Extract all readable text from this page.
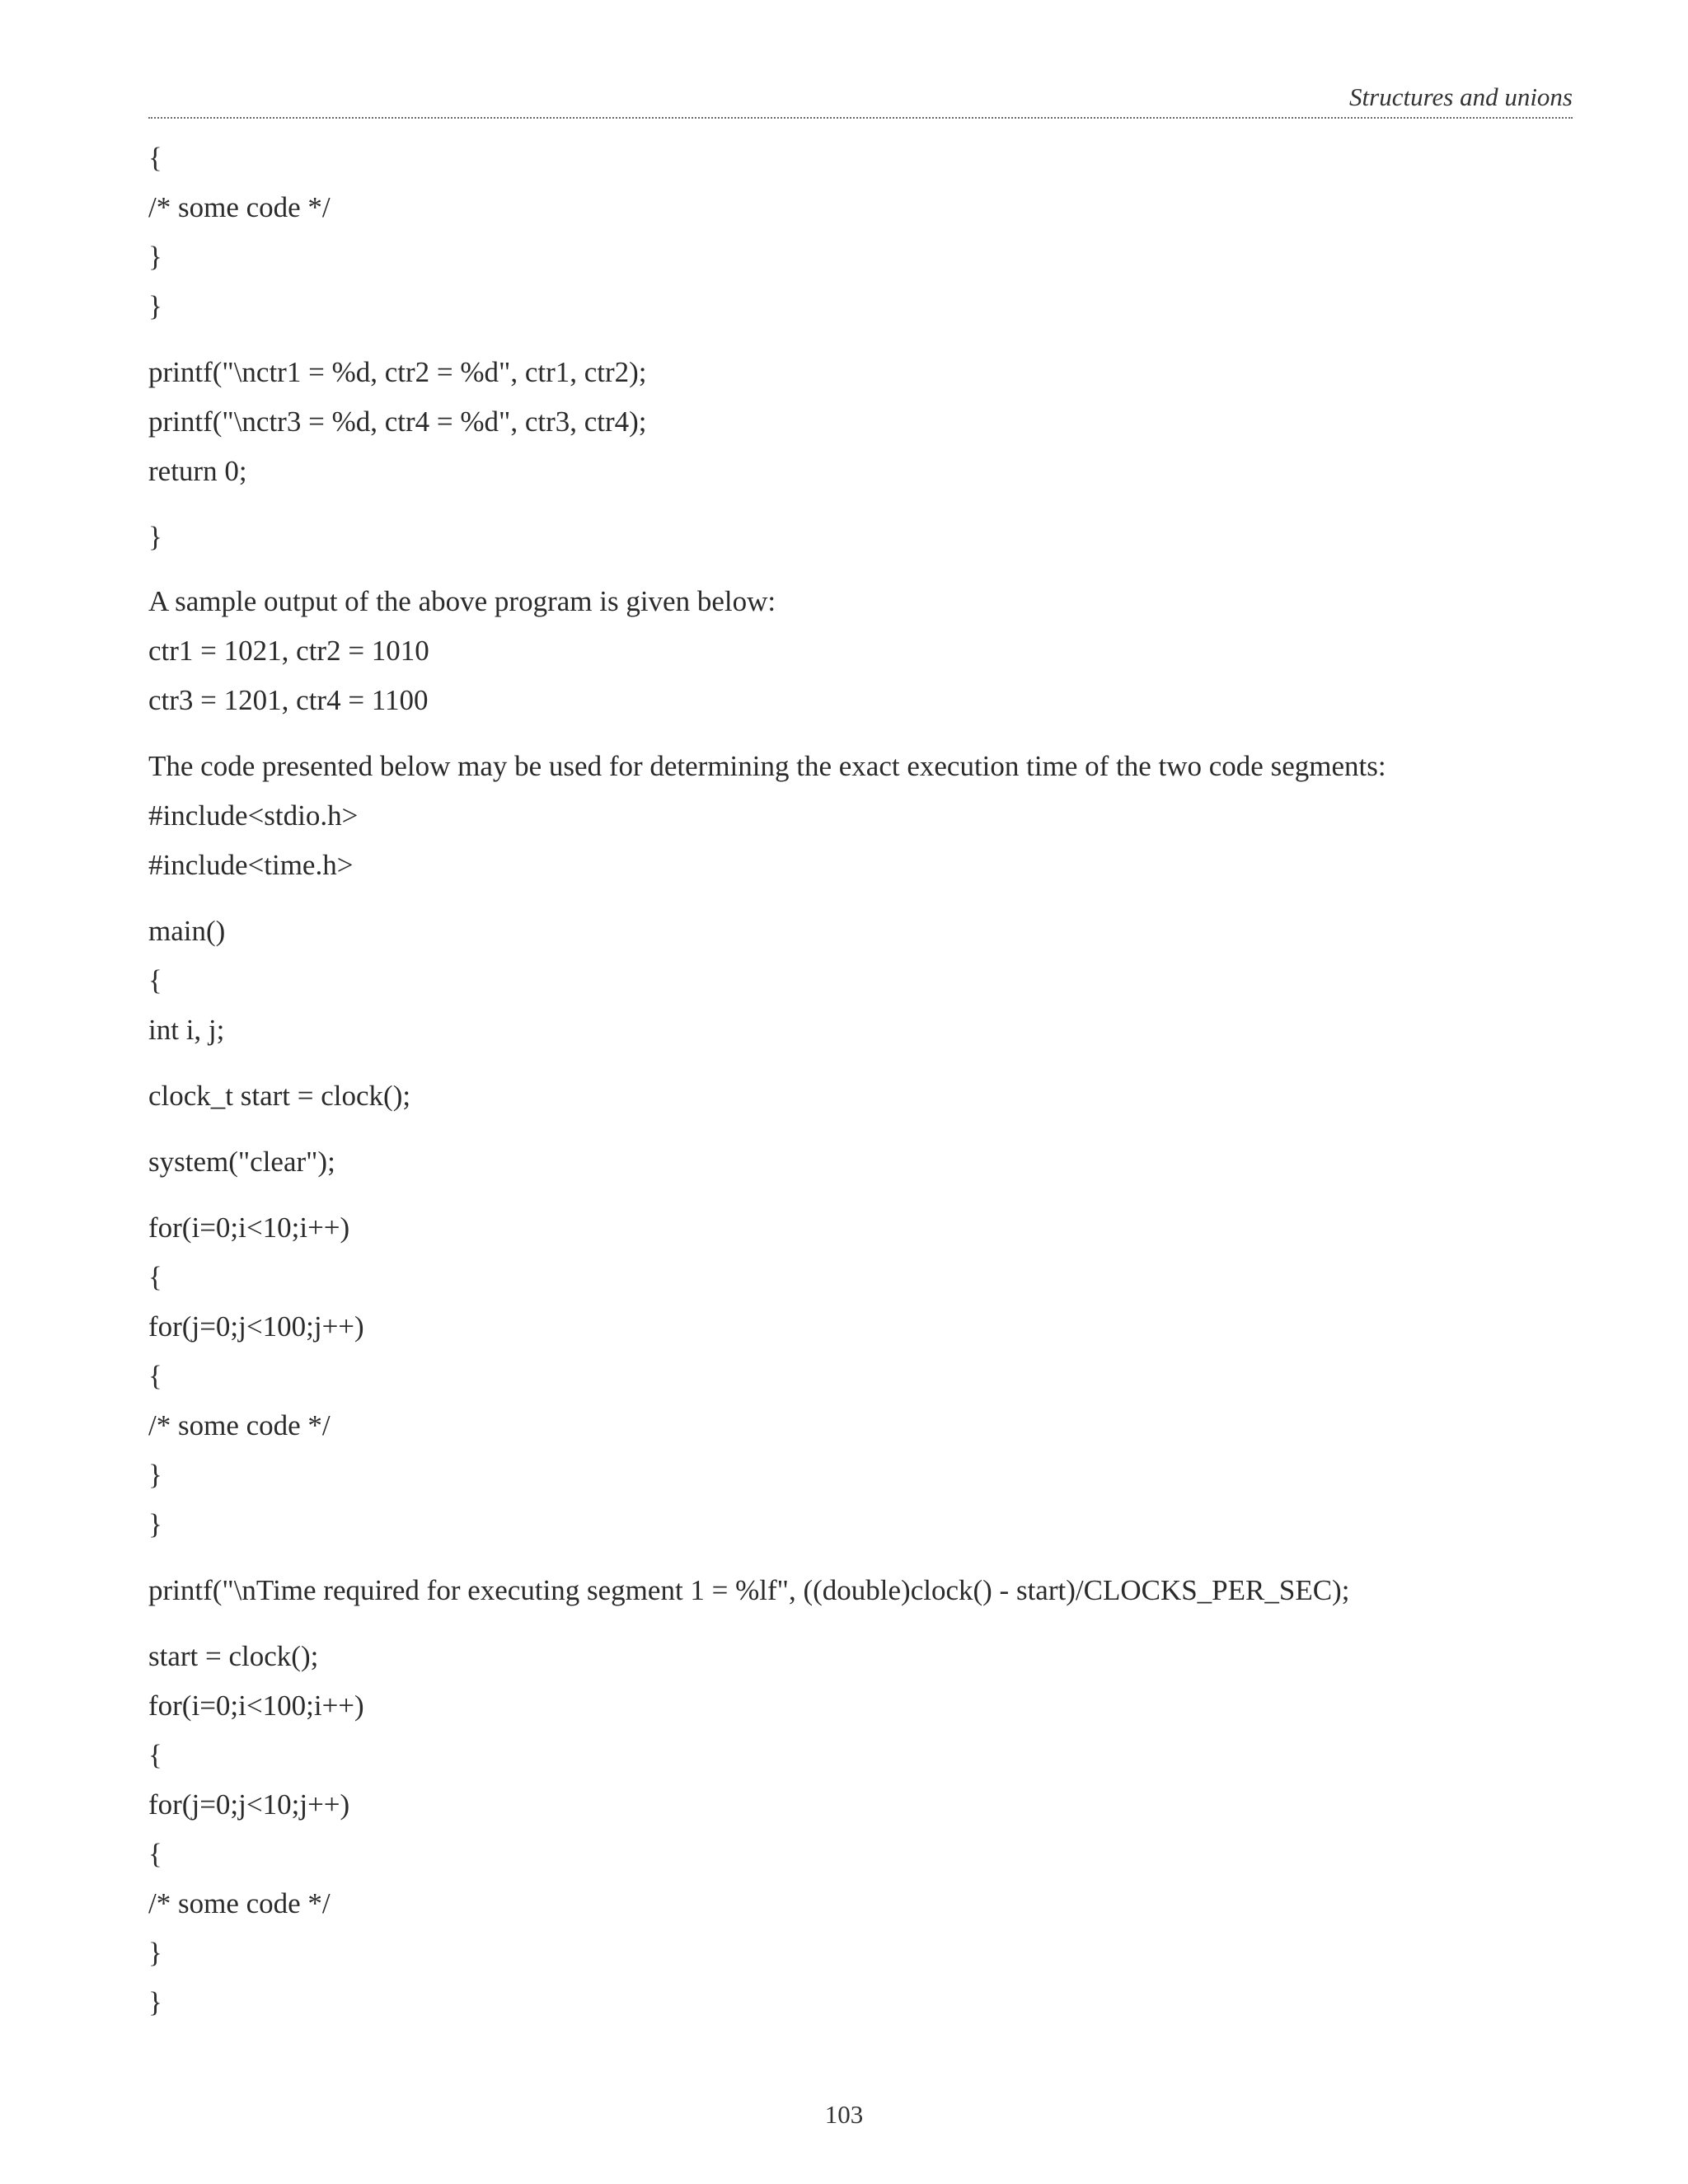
Structures and unions
{
/* some code */
}
}
printf("\nctr1 = %d, ctr2 = %d", ctr1, ctr2);
printf("\nctr3 = %d, ctr4 = %d", ctr3, ctr4);
return 0;
}
A sample output of the above program is given below:
ctr1 = 1021, ctr2 = 1010
ctr3 = 1201, ctr4 = 1100
The code presented below may be used for determining the exact execution time of the two code segments:
#include<stdio.h>
#include<time.h>
main()
{
int i, j;
clock_t start = clock();
system("clear");
for(i=0;i<10;i++)
{
for(j=0;j<100;j++)
{
/* some code */
}
}
printf("\nTime required for executing segment 1 = %lf", ((double)clock() - start)/CLOCKS_PER_SEC);
start = clock();
for(i=0;i<100;i++)
{
for(j=0;j<10;j++)
{
/* some code */
}
}
103
